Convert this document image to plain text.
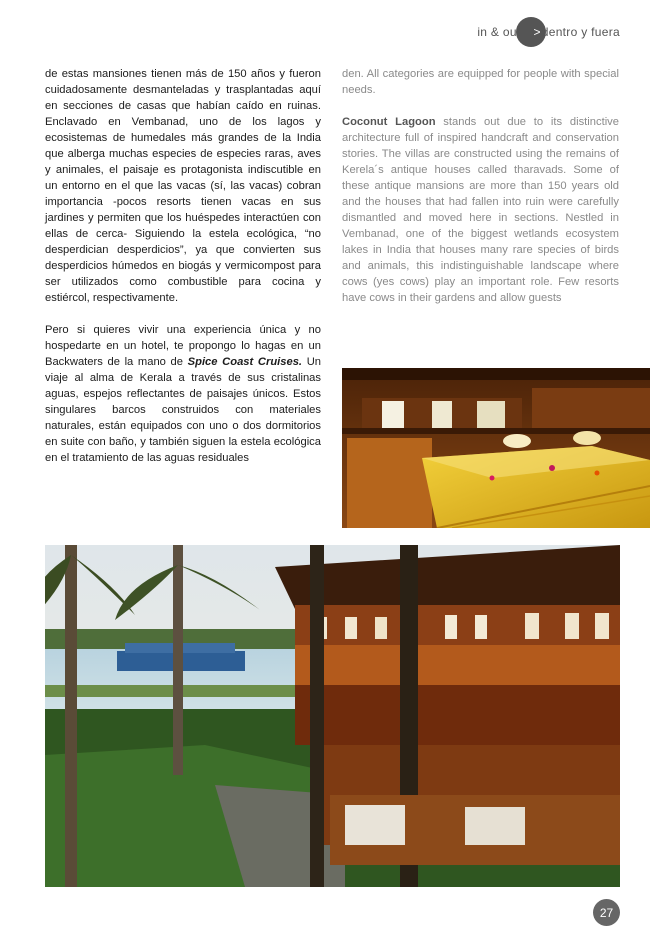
in & out > dentro y fuera

de estas mansiones tienen más de 150 años y fueron cuidadosamente desmanteladas y trasplantadas aquí en secciones de casas que habían caído en ruinas. Enclavado en Vembanad, uno de los lagos y ecosistemas de humedales más grandes de la India que alberga muchas especies de especies raras, aves y animales, el paisaje es protagonista indiscutible en un entorno en el que las vacas (sí, las vacas) cobran importancia -pocos resorts tienen vacas en sus jardines y permiten que los huéspedes interactúen con ellas de cerca- Siguiendo la estela ecológica, “no desperdician desperdicios”, ya que convierten sus desperdicios húmedos en biogás y vermicompost para ser utilizados como combustible para cocina y estiércol, respectivamente.

Pero si quieres vivir una experiencia única y no hospedarte en un hotel, te propongo lo hagas en un Backwaters de la mano de Spice Coast Cruises. Un viaje al alma de Kerala a través de sus cristalinas aguas, espejos reflectantes de paisajes únicos. Estos singulares barcos construidos con materiales naturales, están equipados con uno o dos dormitorios en suite con baño, y también siguen la estela ecológica en el tratamiento de las aguas residuales

den. All categories are equipped for people with special needs.

Coconut Lagoon stands out due to its distinctive architecture full of inspired handcraft and conservation stories. The villas are constructed using the remains of Kerela´s antique houses called tharavads. Some of these antique mansions are more than 150 years old and the houses that had fallen into ruin were carefully dismantled and moved here in sections. Nestled in Vembanad, one of the biggest wetlands ecosystem lakes in India that houses many rare species of birds and animals, this indistinguishable landscape where cows (yes cows) play an important role. Few resorts have cows in their gardens and allow guests

27
